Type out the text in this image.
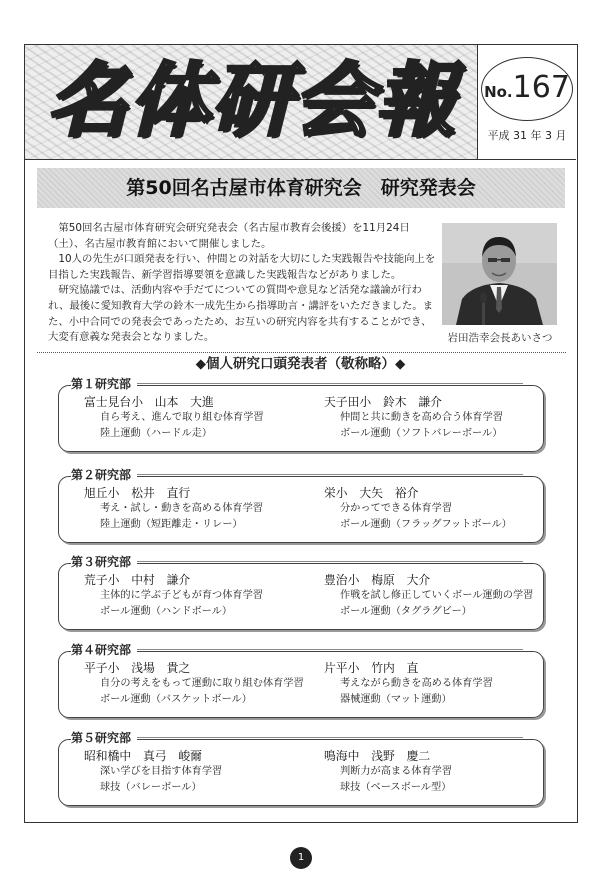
名体研会報 No.167
平成 31 年 3 月
第50回名古屋市体育研究会　研究発表会

第50回名古屋市体育研究会研究発表会（名古屋市教育会後援）を11月24日（土）、名古屋市教育館において開催しました。

10人の先生が口頭発表を行い、仲間との対話を大切にした実践報告や技能向上を目指した実践報告、新学習指導要領を意識した実践報告などがありました。

研究協議では、活動内容や手だてについての質問や意見など活発な議論が行われ、最後に愛知教育大学の鈴木一成先生から指導助言・講評をいただきました。また、小中合同での発表会であったため、お互いの研究内容を共有することができ、大変有意義な発表会となりました。	岩田浩幸会長あいさつ
◆個人研究口頭発表者（敬称略）◆
第１研究部
富士見台小　山本　大進
自ら考え、進んで取り組む体育学習
陸上運動（ハードル走）
天子田小　鈴木　謙介
仲間と共に動きを高め合う体育学習
ボール運動（ソフトバレーボール）
第２研究部
旭丘小　松井　直行
考え・試し・動きを高める体育学習
陸上運動（短距離走・リレー）
栄小　大矢　裕介
分かってできる体育学習
ボール運動（フラッグフットボール）
第３研究部
荒子小　中村　謙介
主体的に学ぶ子どもが育つ体育学習
ボール運動（ハンドボール）
豊治小　梅原　大介
作戦を試し修正していくボール運動の学習
ボール運動（タグラグビー）
第４研究部
平子小　浅場　貴之
自分の考えをもって運動に取り組む体育学習
ボール運動（バスケットボール）
片平小　竹内　直
考えながら動きを高める体育学習
器械運動（マット運動）
第５研究部
昭和橋中　真弓　峻爾
深い学びを目指す体育学習
球技（バレーボール）
鳴海中　浅野　慶二
判断力が高まる体育学習
球技（ベースボール型）
1
